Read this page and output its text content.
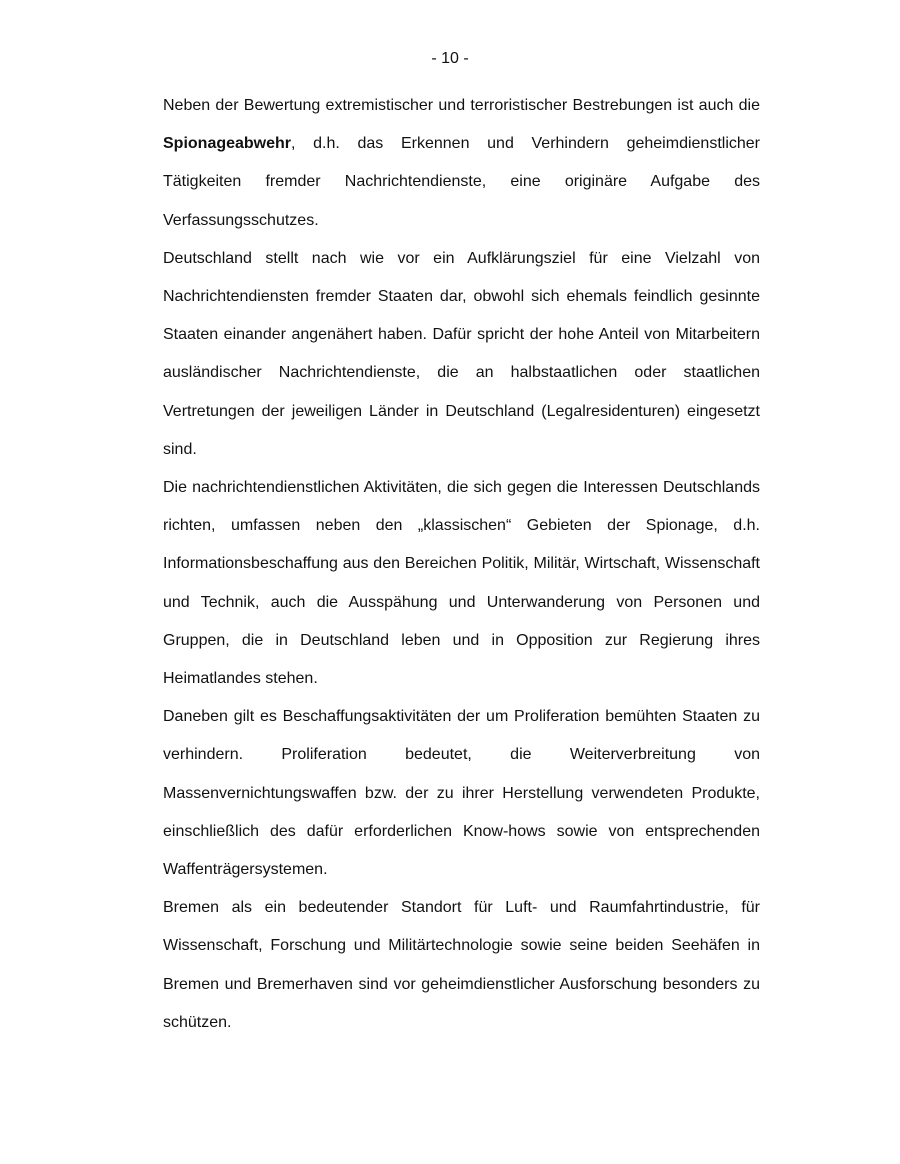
- 10 -

Neben der Bewertung extremistischer und terroristischer Bestrebungen ist auch die Spionageabwehr, d.h. das Erkennen und Verhindern geheimdienstlicher Tätigkeiten fremder Nachrichtendienste, eine originäre Aufgabe des Verfassungsschutzes.

Deutschland stellt nach wie vor ein Aufklärungsziel für eine Vielzahl von Nachrichtendiensten fremder Staaten dar, obwohl sich ehemals feindlich gesinnte Staaten einander angenähert haben. Dafür spricht der hohe Anteil von Mitarbeitern ausländischer Nachrichtendienste, die an halbstaatlichen oder staatlichen Vertretungen der jeweiligen Länder in Deutschland (Legalresidenturen) eingesetzt sind.

Die nachrichtendienstlichen Aktivitäten, die sich gegen die Interessen Deutschlands richten, umfassen neben den „klassischen“ Gebieten der Spionage, d.h. Informationsbeschaffung aus den Bereichen Politik, Militär, Wirtschaft, Wissenschaft und Technik, auch die Ausspähung und Unterwanderung von Personen und Gruppen, die in Deutschland leben und in Opposition zur Regierung ihres Heimatlandes stehen.

Daneben gilt es Beschaffungsaktivitäten der um Proliferation bemühten Staaten zu verhindern. Proliferation bedeutet, die Weiterverbreitung von Massenvernichtungswaffen bzw. der zu ihrer Herstellung verwendeten Produkte, einschließlich des dafür erforderlichen Know-hows sowie von entsprechenden Waffenträgersystemen.

Bremen als ein bedeutender Standort für Luft- und Raumfahrtindustrie, für Wissenschaft, Forschung und Militärtechnologie sowie seine beiden Seehäfen in Bremen und Bremerhaven sind vor geheimdienstlicher Ausforschung besonders zu schützen.
